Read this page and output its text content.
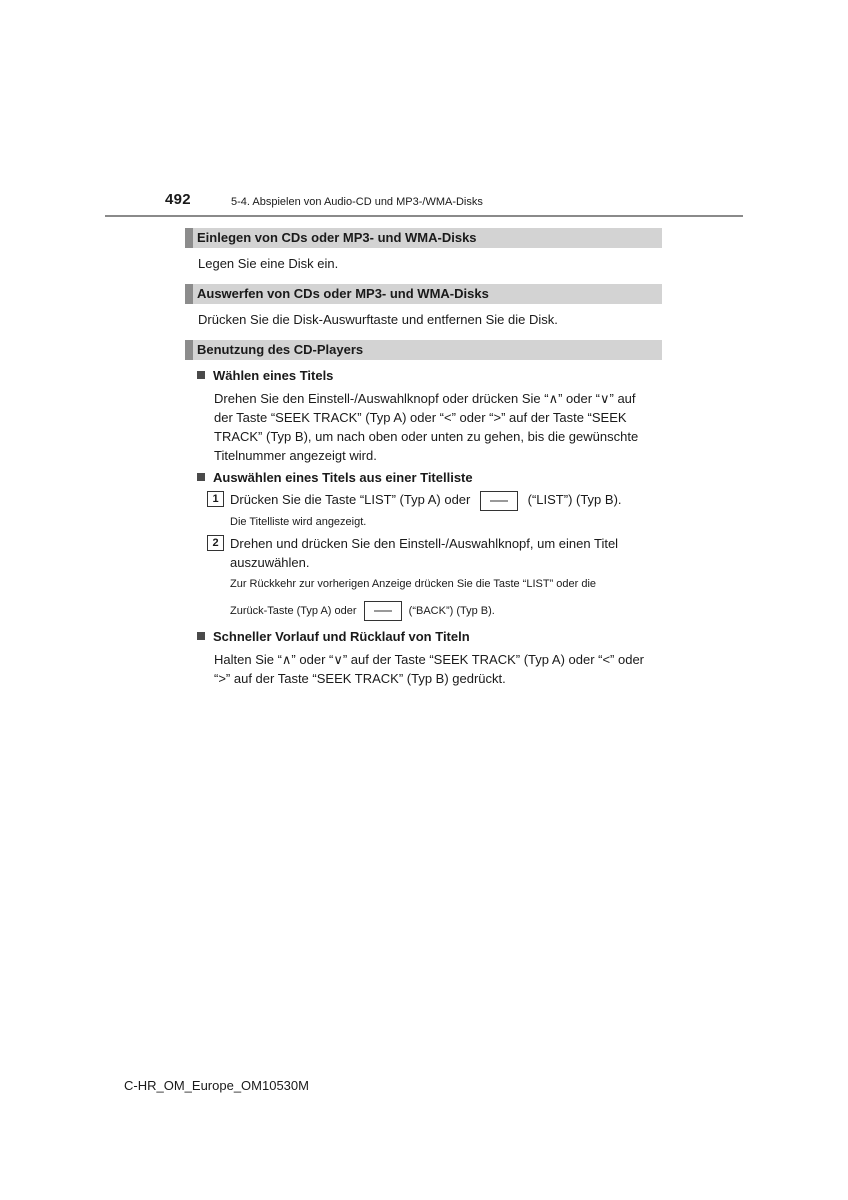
492	5-4. Abspielen von Audio-CD und MP3-/WMA-Disks
Einlegen von CDs oder MP3- und WMA-Disks
Legen Sie eine Disk ein.
Auswerfen von CDs oder MP3- und WMA-Disks
Drücken Sie die Disk-Auswurftaste und entfernen Sie die Disk.
Benutzung des CD-Players
Wählen eines Titels
Drehen Sie den Einstell-/Auswahlknopf oder drücken Sie “∧” oder “∨” auf
der Taste “SEEK TRACK” (Typ A) oder “<” oder “>” auf der Taste “SEEK
TRACK” (Typ B), um nach oben oder unten zu gehen, bis die gewünschte
Titelnummer angezeigt wird.
Auswählen eines Titels aus einer Titelliste
1 Drücken Sie die Taste “LIST” (Typ A) oder	(“LIST”) (Typ B).
Die Titelliste wird angezeigt.
2 Drehen und drücken Sie den Einstell-/Auswahlknopf, um einen Titel
auszuwählen.
Zur Rückkehr zur vorherigen Anzeige drücken Sie die Taste “LIST” oder die
Zurück-Taste (Typ A) oder	(“BACK”) (Typ B).
Schneller Vorlauf und Rücklauf von Titeln
Halten Sie “∧” oder “∨” auf der Taste “SEEK TRACK” (Typ A) oder “<” oder
“>” auf der Taste “SEEK TRACK” (Typ B) gedrückt.
C-HR_OM_Europe_OM10530M
